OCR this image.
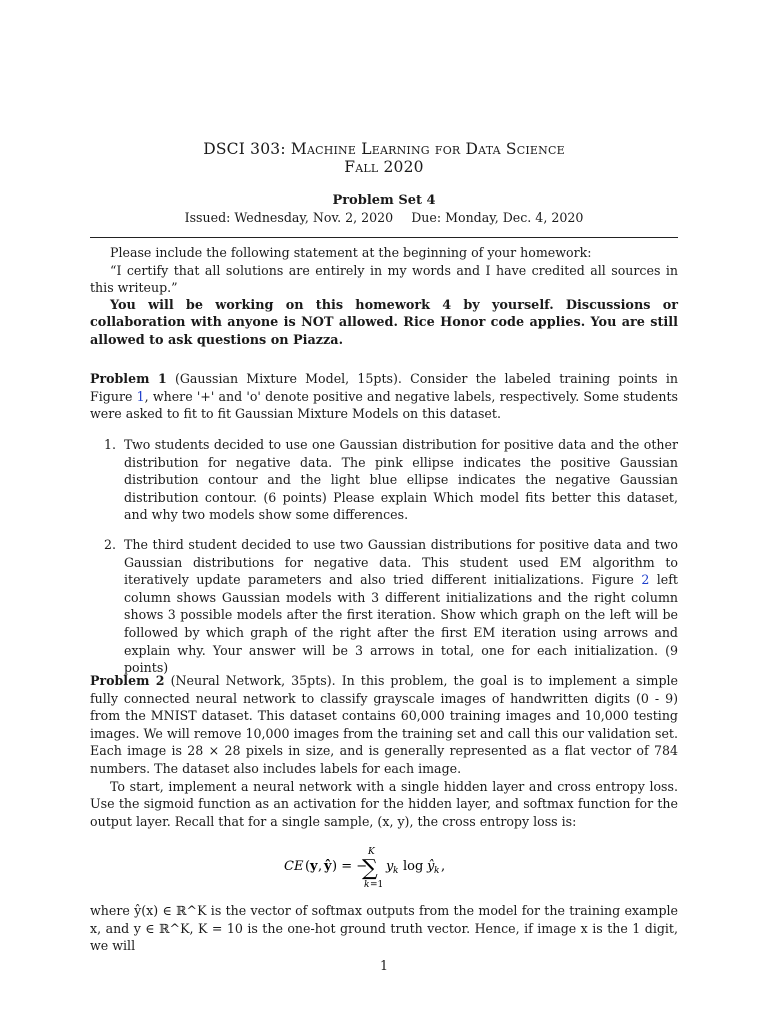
DSCI 303: Machine Learning for Data Science
Fall 2020
Problem Set 4
Issued: Wednesday, Nov. 2, 2020 Due: Monday, Dec. 4, 2020

Please include the following statement at the beginning of your homework:

“I certify that all solutions are entirely in my words and I have credited all sources in this writeup.”

You will be working on this homework 4 by yourself. Discussions or collaboration with anyone is NOT allowed. Rice Honor code applies. You are still allowed to ask questions on Piazza.

Problem 1 (Gaussian Mixture Model, 15pts). Consider the labeled training points in Figure 1, where '+' and 'o' denote positive and negative labels, respectively. Some students were asked to fit to fit Gaussian Mixture Models on this dataset.

1. Two students decided to use one Gaussian distribution for positive data and the other distribution for negative data. The pink ellipse indicates the positive Gaussian distribution contour and the light blue ellipse indicates the negative Gaussian distribution contour. (6 points) Please explain Which model fits better this dataset, and why two models show some differences.
2. The third student decided to use two Gaussian distributions for positive data and two Gaussian distributions for negative data. This student used EM algorithm to iteratively update parameters and also tried different initializations. Figure 2 left column shows Gaussian models with 3 different initializations and the right column shows 3 possible models after the first iteration. Show which graph on the left will be followed by which graph of the right after the first EM iteration using arrows and explain why. Your answer will be 3 arrows in total, one for each initialization. (9 points)

Problem 2 (Neural Network, 35pts). In this problem, the goal is to implement a simple fully connected neural network to classify grayscale images of handwritten digits (0 - 9) from the MNIST dataset. This dataset contains 60,000 training images and 10,000 testing images. We will remove 10,000 images from the training set and call this our validation set. Each image is 28 × 28 pixels in size, and is generally represented as a flat vector of 784 numbers. The dataset also includes labels for each image.

To start, implement a neural network with a single hidden layer and cross entropy loss. Use the sigmoid function as an activation for the hidden layer, and softmax function for the output layer. Recall that for a single sample, (x, y), the cross entropy loss is:

CE ( y , ŷ ) = −
K
∑
k =1
y k log ŷ k ,

where ŷ(x) ∈ ℝ^K is the vector of softmax outputs from the model for the training example x, and y ∈ ℝ^K, K = 10 is the one-hot ground truth vector. Hence, if image x is the 1 digit, we will

1
